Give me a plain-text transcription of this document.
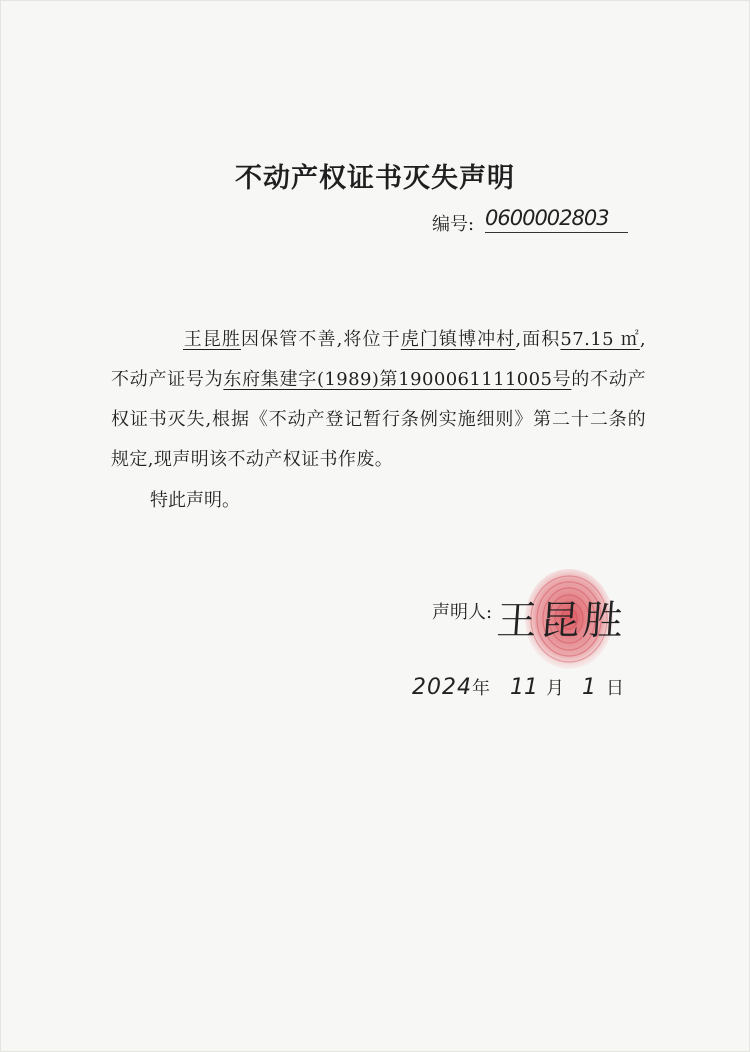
不动产权证书灭失声明
编号: 0600002803
王昆胜因保管不善,将位于虎门镇博冲村,面积57.15 ㎡,不动产证号为东府集建字(1989)第1900061111005号的不动产权证书灭失,根据《不动产登记暂行条例实施细则》第二十二条的规定,现声明该不动产权证书作废。
特此声明。
声明人: 王昆胜
2024年 11 月 1 日
